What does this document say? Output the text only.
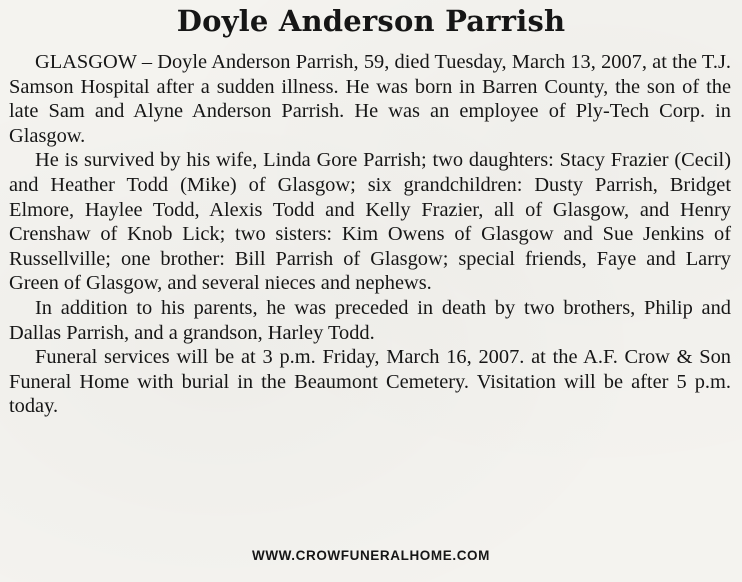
Doyle Anderson Parrish

GLASGOW – Doyle Anderson Parrish, 59, died Tuesday, March 13, 2007, at the T.J. Samson Hospital after a sudden illness. He was born in Barren County, the son of the late Sam and Alyne Anderson Parrish. He was an employee of Ply-Tech Corp. in Glasgow.

He is survived by his wife, Linda Gore Parrish; two daughters: Stacy Frazier (Cecil) and Heather Todd (Mike) of Glasgow; six grandchildren: Dusty Parrish, Bridget Elmore, Haylee Todd, Alexis Todd and Kelly Frazier, all of Glasgow, and Henry Crenshaw of Knob Lick; two sisters: Kim Owens of Glasgow and Sue Jenkins of Russellville; one brother: Bill Parrish of Glasgow; special friends, Faye and Larry Green of Glasgow, and several nieces and nephews.

In addition to his parents, he was preceded in death by two brothers, Philip and Dallas Parrish, and a grandson, Harley Todd.

Funeral services will be at 3 p.m. Friday, March 16, 2007. at the A.F. Crow & Son Funeral Home with burial in the Beaumont Cemetery. Visitation will be after 5 p.m. today.

WWW.CROWFUNERALHOME.COM
